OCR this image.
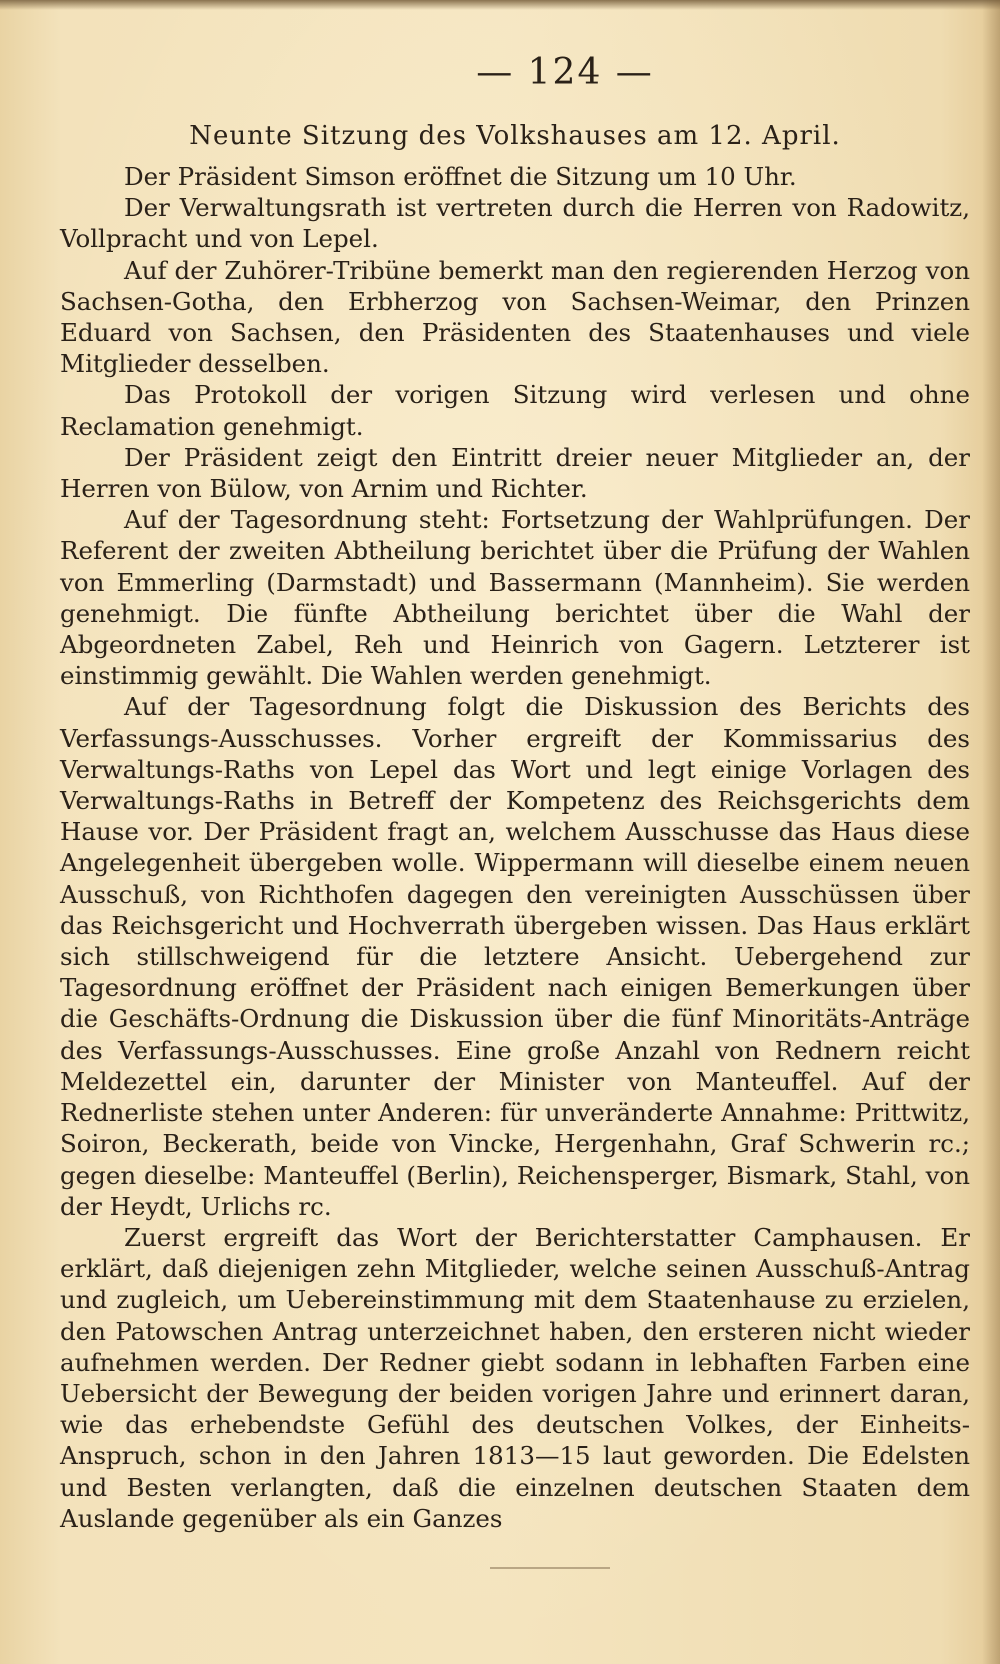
— 124 —
Neunte Sitzung des Volkshauses am 12. April.

Der Präsident Simson eröffnet die Sitzung um 10 Uhr.

Der Verwaltungsrath ist vertreten durch die Herren von Radowitz, Vollpracht und von Lepel.

Auf der Zuhörer-Tribüne bemerkt man den regierenden Herzog von Sachsen-Gotha, den Erbherzog von Sachsen-Weimar, den Prinzen Eduard von Sachsen, den Präsidenten des Staatenhauses und viele Mitglieder desselben.

Das Protokoll der vorigen Sitzung wird verlesen und ohne Reclamation genehmigt.

Der Präsident zeigt den Eintritt dreier neuer Mitglieder an, der Herren von Bülow, von Arnim und Richter.

Auf der Tagesordnung steht: Fortsetzung der Wahlprüfungen. Der Referent der zweiten Abtheilung berichtet über die Prüfung der Wahlen von Emmerling (Darmstadt) und Bassermann (Mannheim). Sie werden genehmigt. Die fünfte Abtheilung berichtet über die Wahl der Abgeordneten Zabel, Reh und Heinrich von Gagern. Letzterer ist einstimmig gewählt. Die Wahlen werden genehmigt.

Auf der Tagesordnung folgt die Diskussion des Berichts des Verfassungs-Ausschusses. Vorher ergreift der Kommissarius des Verwaltungs-Raths von Lepel das Wort und legt einige Vorlagen des Verwaltungs-Raths in Betreff der Kompetenz des Reichsgerichts dem Hause vor. Der Präsident fragt an, welchem Ausschusse das Haus diese Angelegenheit übergeben wolle. Wippermann will dieselbe einem neuen Ausschuß, von Richthofen dagegen den vereinigten Ausschüssen über das Reichsgericht und Hochverrath übergeben wissen. Das Haus erklärt sich stillschweigend für die letztere Ansicht. Uebergehend zur Tagesordnung eröffnet der Präsident nach einigen Bemerkungen über die Geschäfts-Ordnung die Diskussion über die fünf Minoritäts-Anträge des Verfassungs-Ausschusses. Eine große Anzahl von Rednern reicht Meldezettel ein, darunter der Minister von Manteuffel. Auf der Rednerliste stehen unter Anderen: für unveränderte Annahme: Prittwitz, Soiron, Beckerath, beide von Vincke, Hergenhahn, Graf Schwerin rc.; gegen dieselbe: Manteuffel (Berlin), Reichensperger, Bismark, Stahl, von der Heydt, Urlichs rc.

Zuerst ergreift das Wort der Berichterstatter Camphausen. Er erklärt, daß diejenigen zehn Mitglieder, welche seinen Ausschuß-Antrag und zugleich, um Uebereinstimmung mit dem Staatenhause zu erzielen, den Patowschen Antrag unterzeichnet haben, den ersteren nicht wieder aufnehmen werden. Der Redner giebt sodann in lebhaften Farben eine Uebersicht der Bewegung der beiden vorigen Jahre und erinnert daran, wie das erhebendste Gefühl des deutschen Volkes, der Einheits-Anspruch, schon in den Jahren 1813—15 laut geworden. Die Edelsten und Besten verlangten, daß die einzelnen deutschen Staaten dem Auslande gegenüber als ein Ganzes
